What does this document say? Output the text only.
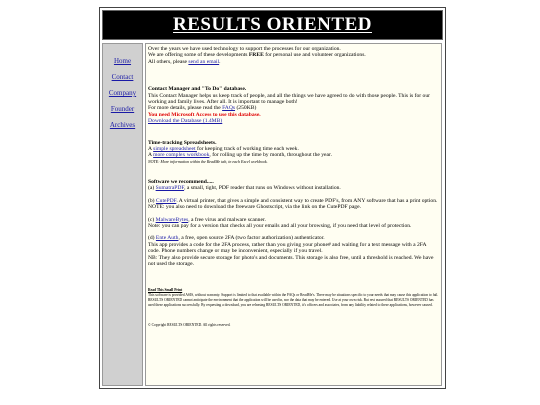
RESULTS ORIENTED
Home
Contact
Company
Founder
Archives

Over the years we have used technology to support the processes for our organization.

We are offering some of these developments FREE for personal use and volunteer organizations.

All others, please send an email.

Contact Manager and "To Do" database.

This Contact Manager helps us keep track of people, and all the things we have agreed to do with those people. This is for our working and family lives. After all. It is important to manage both!

For more details, please read the FAQs (250KB)

You need Microsoft Access to use this database.

Download the Database (1.4MB)

Time-tracking Spreadsheets.

A simple spreadsheet for keeping track of working time each week.

A more complex workbook, for rolling up the time by month, throughout the year.

NOTE: More information within the ReadMe tab, in each Excel workbook.

Software we recommend.....

(a) SumatraPDF, a small, tight, PDF reader that runs on Windows without installation.

(b) CutePDF. A virtual printer, that gives a simple and consistent way to create PDF's, from ANY software that has a print option.

NOTE: you also need to download the freeware Ghostscript, via the link on the CutePDF page.

(c) MalwareBytes, a free virus and malware scanner.

Note: you can pay for a version that checks all your emails and all your browsing, if you need that level of protection.

(d) Ente Auth, a free, open source 2FA (two factor authorization) authenticator.

This app provides a code for the 2FA process, rather than you giving your phone# and waiting for a text message with a 2FA code. Phone numbers change or may be inconvenient, especially if you travel.

NB: They also provide secure storage for photo's and documents. This storage is also free, until a threshold is reached. We have not used the storage.

Read This Small Print

This software is provided ASIS, without warranty. Support is limited to that available within the FAQs or ReadMe's. There may be situations specific to your needs that may cause this application to fail. RESULTS ORIENTED cannot anticipate the environment that the application will be used in, nor the data that may be entered. Use at your own risk. But rest assured that RESULTS ORIENTED has used these applications successfully. By requesting a download, you are releasing RESULTS ORIENTED, it's officers and associates, from any liability related to these applications, however caused.

© Copyright RESULTS ORIENTED. All rights reserved.
